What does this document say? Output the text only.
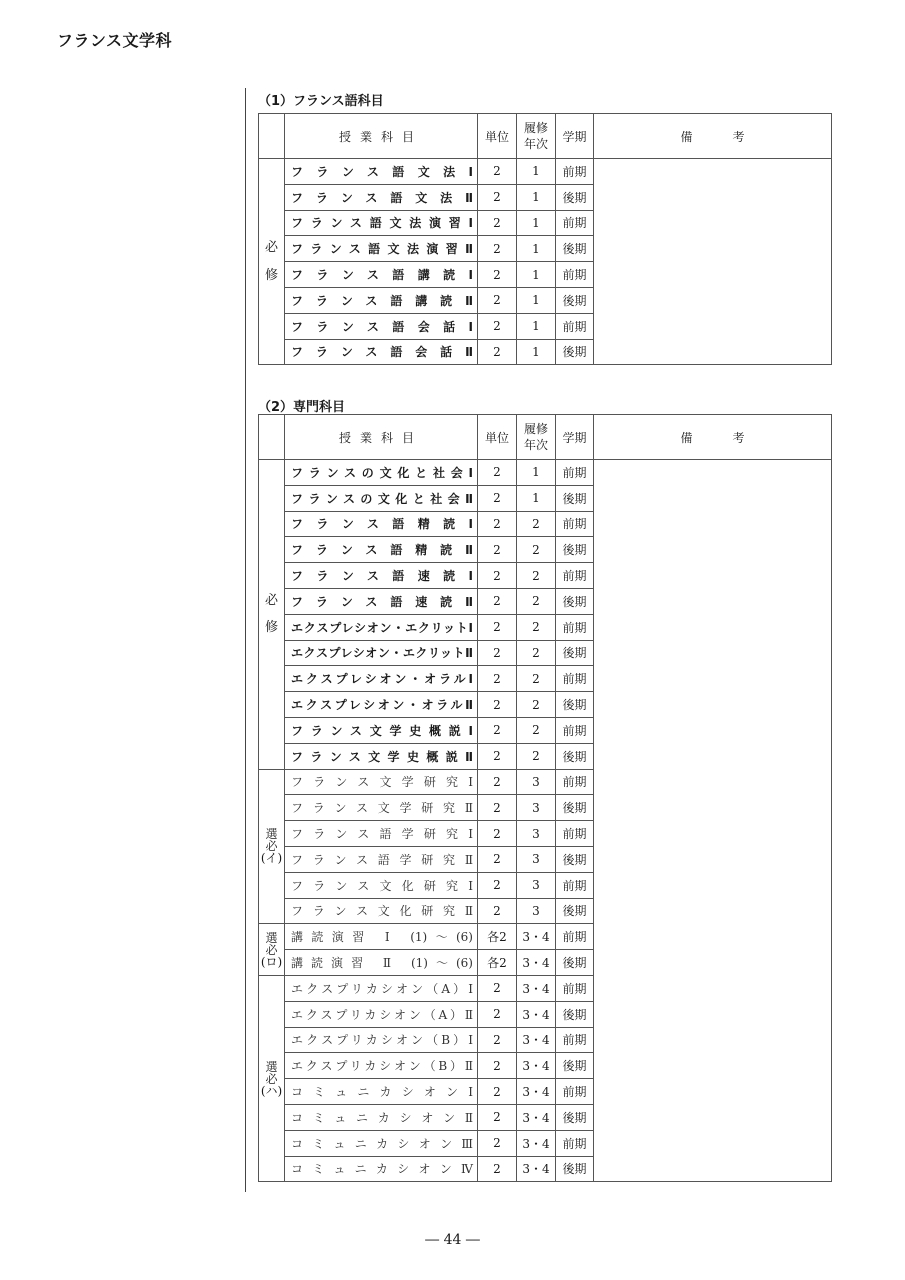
フランス文学科
（1）フランス語科目
	授業科目	単位	履修
年次	学期	備考
必
修	フランス語文法Ⅰ	2	1	前期	
	フランス語文法Ⅱ	2	1	後期	
	フランス語文法演習Ⅰ	2	1	前期	
	フランス語文法演習Ⅱ	2	1	後期	
	フランス語講読Ⅰ	2	1	前期	
	フランス語講読Ⅱ	2	1	後期	
	フランス語会話Ⅰ	2	1	前期	
	フランス語会話Ⅱ	2	1	後期	
（2）専門科目
	授業科目	単位	履修
年次	学期	備考
必
修	フランスの文化と社会Ⅰ	2	1	前期	
	フランスの文化と社会Ⅱ	2	1	後期	
	フランス語精読Ⅰ	2	2	前期	
	フランス語精読Ⅱ	2	2	後期	
	フランス語速読Ⅰ	2	2	前期	
	フランス語速読Ⅱ	2	2	後期	
	エクスプレシオン・エクリットⅠ	2	2	前期	
	エクスプレシオン・エクリットⅡ	2	2	後期	
	エクスプレシオン・オラルⅠ	2	2	前期	
	エクスプレシオン・オラルⅡ	2	2	後期	
	フランス文学史概説Ⅰ	2	2	前期	
	フランス文学史概説Ⅱ	2	2	後期	
選
必
(イ)	フランス文学研究Ⅰ	2	3	前期	
	フランス文学研究Ⅱ	2	3	後期	
	フランス語学研究Ⅰ	2	3	前期	
	フランス語学研究Ⅱ	2	3	後期	
	フランス文化研究Ⅰ	2	3	前期	
	フランス文化研究Ⅱ	2	3	後期	
選
必
(ロ)	講読演習 Ⅰ (1)～(6)	各2	3・4	前期	
	講読演習 Ⅱ (1)～(6)	各2	3・4	後期	
選
必
(ハ)	エクスプリカシオン（A）Ⅰ	2	3・4	前期	
	エクスプリカシオン（A）Ⅱ	2	3・4	後期	
	エクスプリカシオン（B）Ⅰ	2	3・4	前期	
	エクスプリカシオン（B）Ⅱ	2	3・4	後期	
	コミュニカシオンⅠ	2	3・4	前期	
	コミュニカシオンⅡ	2	3・4	後期	
	コミュニカシオンⅢ	2	3・4	前期	
	コミュニカシオンⅣ	2	3・4	後期	
― 44 ―
